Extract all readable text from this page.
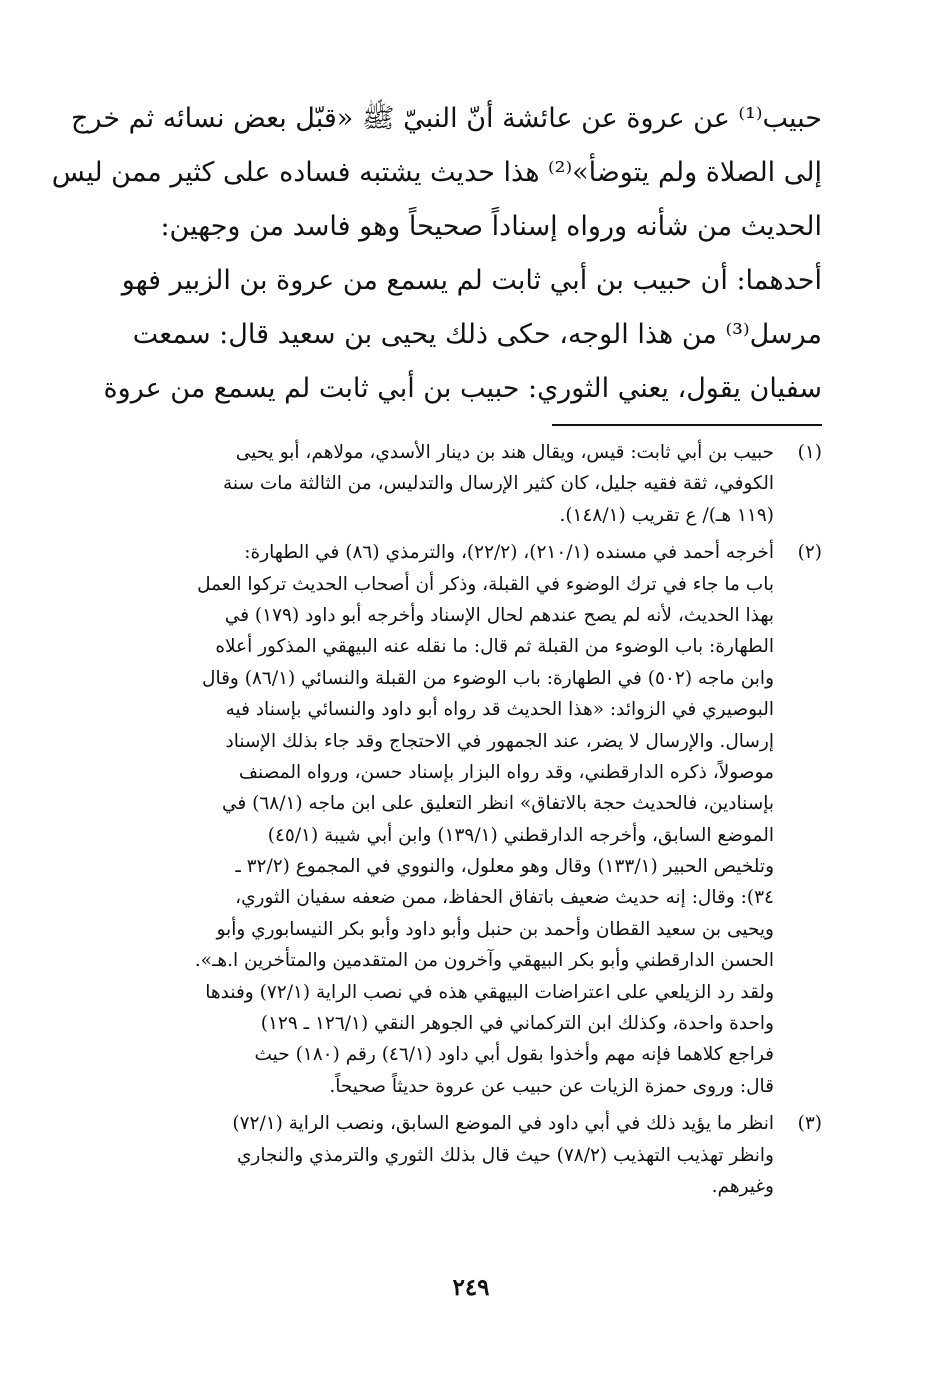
حبيب⁽¹⁾ عن عروة عن عائشة أنّ النبيّ ﷺ «قبّل بعض نسائه ثم خرج
إلى الصلاة ولم يتوضأ»⁽²⁾ هذا حديث يشتبه فساده على كثير ممن ليس
الحديث من شأنه ورواه إسناداً صحيحاً وهو فاسد من وجهين:
أحدهما: أن حبيب بن أبي ثابت لم يسمع من عروة بن الزبير فهو
مرسل⁽³⁾ من هذا الوجه، حكى ذلك يحيى بن سعيد قال: سمعت
سفيان يقول، يعني الثوري: حبيب بن أبي ثابت لم يسمع من عروة
(١)
حبيب بن أبي ثابت: قيس، ويقال هند بن دينار الأسدي، مولاهم، أبو يحيى
الكوفي، ثقة فقيه جليل، كان كثير الإرسال والتدليس، من الثالثة مات سنة
(١١٩ هـ)/ ع تقريب (١٤٨/١).
(٢)
أخرجه أحمد في مسنده (٢١٠/١)، (٢٢/٢)، والترمذي (٨٦) في الطهارة:
باب ما جاء في ترك الوضوء في القبلة، وذكر أن أصحاب الحديث تركوا العمل
بهذا الحديث، لأنه لم يصح عندهم لحال الإسناد وأخرجه أبو داود (١٧٩) في
الطهارة: باب الوضوء من القبلة ثم قال: ما نقله عنه البيهقي المذكور أعلاه
وابن ماجه (٥٠٢) في الطهارة: باب الوضوء من القبلة والنسائي (٨٦/١) وقال
البوصيري في الزوائد: «هذا الحديث قد رواه أبو داود والنسائي بإسناد فيه
إرسال. والإرسال لا يضر، عند الجمهور في الاحتجاج وقد جاء بذلك الإسناد
موصولاً، ذكره الدارقطني، وقد رواه البزار بإسناد حسن، ورواه المصنف
بإسنادين، فالحديث حجة بالاتفاق» انظر التعليق على ابن ماجه (٦٨/١) في
الموضع السابق، وأخرجه الدارقطني (١٣٩/١) وابن أبي شيبة (٤٥/١)
وتلخيص الحبير (١٣٣/١) وقال وهو معلول، والنووي في المجموع (٣٢/٢ ـ
٣٤): وقال: إنه حديث ضعيف باتفاق الحفاظ، ممن ضعفه سفيان الثوري،
ويحيى بن سعيد القطان وأحمد بن حنبل وأبو داود وأبو بكر النيسابوري وأبو
الحسن الدارقطني وأبو بكر البيهقي وآخرون من المتقدمين والمتأخرين ا.هـ».
ولقد رد الزيلعي على اعتراضات البيهقي هذه في نصب الراية (٧٢/١) وفندها
واحدة واحدة، وكذلك ابن التركماني في الجوهر النقي (١٢٦/١ ـ ١٢٩)
فراجع كلاهما فإنه مهم وأخذوا بقول أبي داود (٤٦/١) رقم (١٨٠) حيث
قال: وروى حمزة الزيات عن حبيب عن عروة حديثاً صحيحاً.
(٣)
انظر ما يؤيد ذلك في أبي داود في الموضع السابق، ونصب الراية (٧٢/١)
وانظر تهذيب التهذيب (٧٨/٢) حيث قال بذلك الثوري والترمذي والنجاري
وغيرهم.
٢٤٩
